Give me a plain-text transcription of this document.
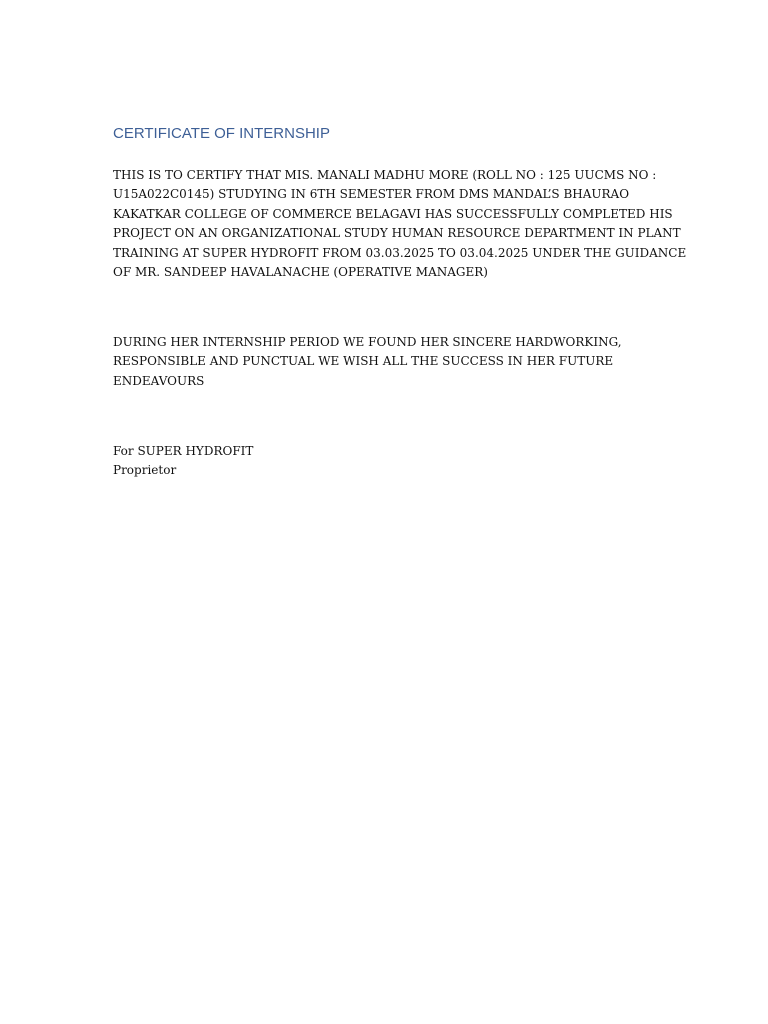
CERTIFICATE OF INTERNSHIP

THIS IS TO CERTIFY THAT MIS. MANALI MADHU MORE (ROLL NO : 125 UUCMS NO :
U15A022C0145) STUDYING IN 6TH SEMESTER FROM DMS MANDAL’S BHAURAO
KAKATKAR COLLEGE OF COMMERCE BELAGAVI HAS SUCCESSFULLY COMPLETED HIS
PROJECT ON AN ORGANIZATIONAL STUDY HUMAN RESOURCE DEPARTMENT IN PLANT
TRAINING AT SUPER HYDROFIT FROM 03.03.2025 TO 03.04.2025 UNDER THE GUIDANCE
OF MR. SANDEEP HAVALANACHE (OPERATIVE MANAGER)

DURING HER INTERNSHIP PERIOD WE FOUND HER SINCERE HARDWORKING,
RESPONSIBLE AND PUNCTUAL WE WISH ALL THE SUCCESS IN HER FUTURE
ENDEAVOURS

For SUPER HYDROFIT
Proprietor
